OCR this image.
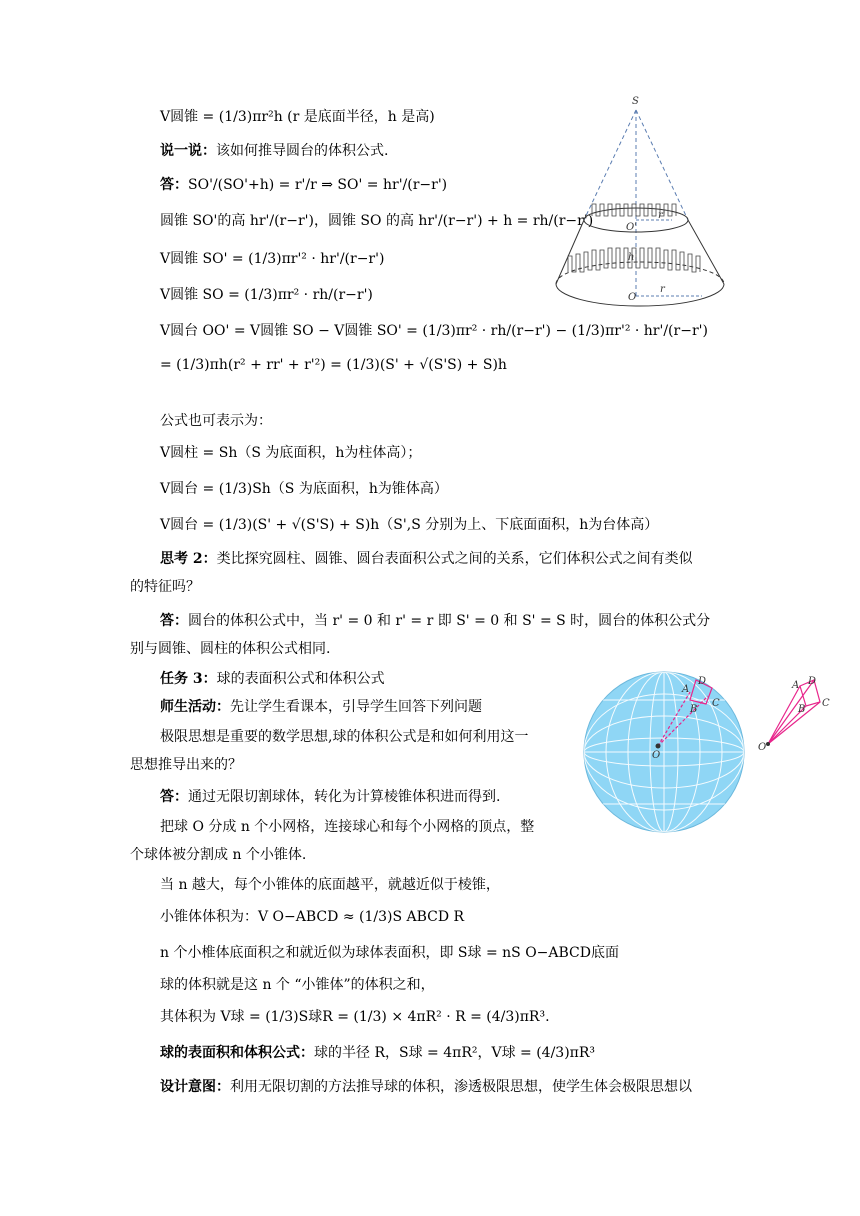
V圆锥 = (1/3)πr²h (r 是底面半径，h 是高)
说一说：该如何推导圆台的体积公式.
答：SO'/(SO'+h) = r'/r ⇒ SO' = hr'/(r−r')
圆锥 SO'的高 hr'/(r−r')，圆锥 SO 的高 hr'/(r−r') + h = rh/(r−r')
V圆锥 SO' = (1/3)πr'² · hr'/(r−r')
V圆锥 SO = (1/3)πr² · rh/(r−r')
V圆台 OO' = V圆锥 SO − V圆锥 SO' = (1/3)πr² · rh/(r−r') − (1/3)πr'² · hr'/(r−r')
= (1/3)πh(r² + rr' + r'²) = (1/3)(S' + √(S'S) + S)h
公式也可表示为：
V圆柱 = Sh（S 为底面积，h为柱体高）；
V圆台 = (1/3)Sh（S 为底面积，h为锥体高）
V圆台 = (1/3)(S' + √(S'S) + S)h（S',S 分别为上、下底面面积，h为台体高）
思考 2：类比探究圆柱、圆锥、圆台表面积公式之间的关系，它们体积公式之间有类似
的特征吗？
答：圆台的体积公式中，当 r' = 0 和 r' = r 即 S' = 0 和 S' = S 时，圆台的体积公式分
别与圆锥、圆柱的体积公式相同.
任务 3：球的表面积公式和体积公式
师生活动：先让学生看课本，引导学生回答下列问题
极限思想是重要的数学思想,球的体积公式是和如何利用这一
思想推导出来的？
答：通过无限切割球体，转化为计算棱锥体积进而得到.
把球 O 分成 n 个小网格，连接球心和每个小网格的顶点，整
个球体被分割成 n 个小锥体.
当 n 越大，每个小锥体的底面越平，就越近似于棱锥，
小锥体体积为：V O−ABCD ≈ (1/3)S ABCD R
n 个小椎体底面积之和就近似为球体表面积，即 S球 = nS O−ABCD底面
球的体积就是这 n 个 “小锥体”的体积之和，
其体积为 V球 = (1/3)S球R = (1/3) × 4πR² · R = (4/3)πR³.
球的表面积和体积公式：球的半径 R，S球 = 4πR²，V球 = (4/3)πR³
设计意图：利用无限切割的方法推导球的体积，渗透极限思想，使学生体会极限思想以
S
O'
O
r'
r
h
A
D
B
C
O
A D
B
C
O
